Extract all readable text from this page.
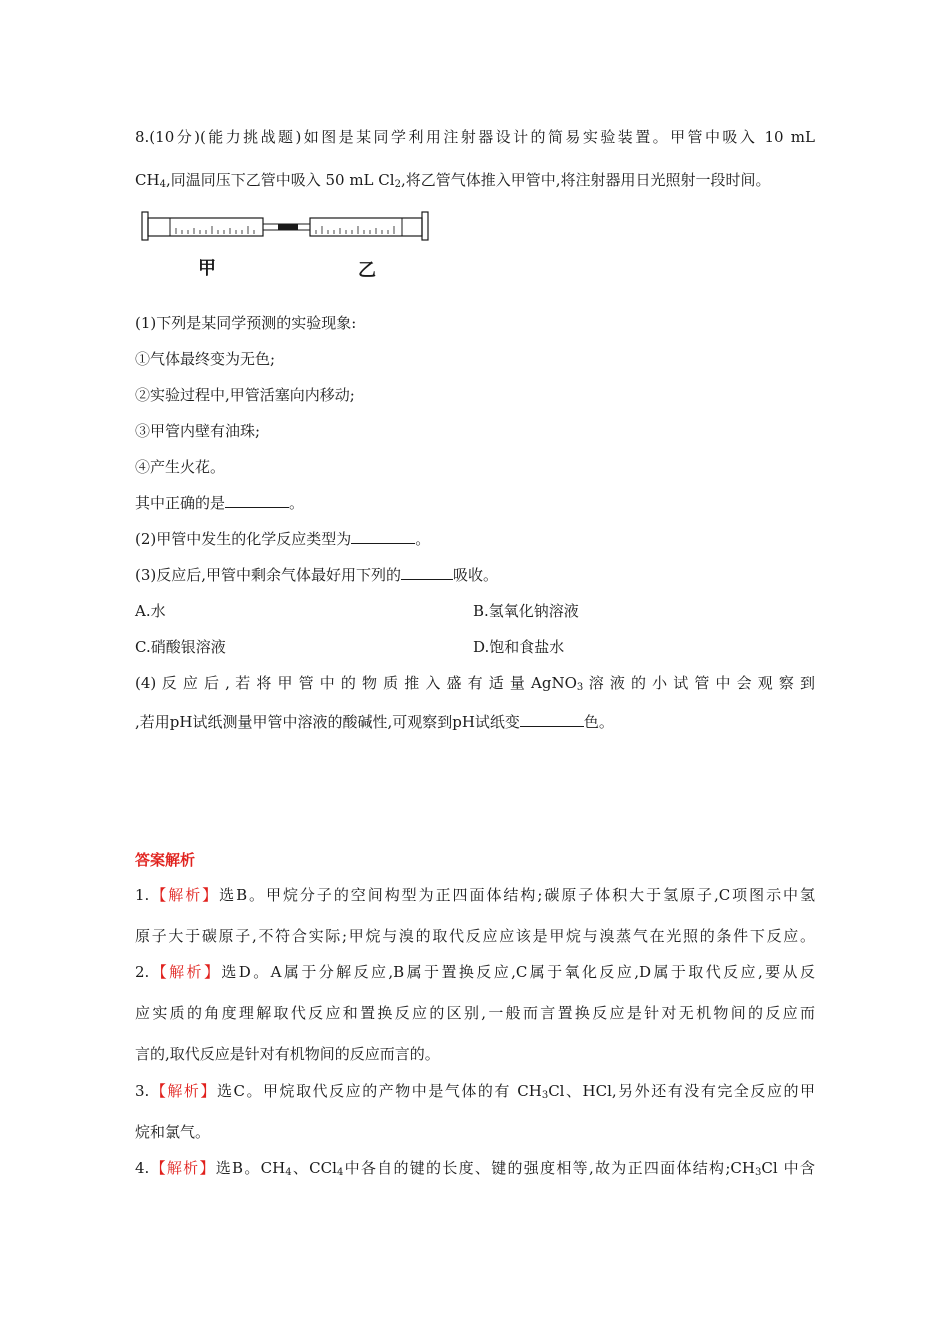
8.(10分)(能力挑战题)如图是某同学利用注射器设计的简易实验装置。甲管中吸入 10 mL
$CH_4$,同温同压下乙管中吸入 50 mL $Cl_2$,将乙管气体推入甲管中,将注射器用日光照射一段时间。
甲	乙
(1)下列是某同学预测的实验现象:
①气体最终变为无色;
②实验过程中,甲管活塞向内移动;
③甲管内壁有油珠;
④产生火花。
其中正确的是	。
(2)甲管中发生的化学反应类型为	。
(3)反应后,甲管中剩余气体最好用下列的	吸收。
A.水	B.氢氧化钠溶液
C.硝酸银溶液	D.饱和食盐水
(4) 反 应 后 , 若 将 甲 管 中 的 物 质 推 入 盛 有 适 量 AgNO$_3$ 溶 液 的 小 试 管 中 会 观 察 到
,若用pH试纸测量甲管中溶液的酸碱性,可观察到pH试纸变	色。
答案解析
1.【解析】选B。甲烷分子的空间构型为正四面体结构;碳原子体积大于氢原子,C项图示中氢
原子大于碳原子,不符合实际;甲烷与溴的取代反应应该是甲烷与溴蒸气在光照的条件下反应。
2.【解析】选D。A属于分解反应,B属于置换反应,C属于氧化反应,D属于取代反应,要从反
应实质的角度理解取代反应和置换反应的区别,一般而言置换反应是针对无机物间的反应而
言的,取代反应是针对有机物间的反应而言的。
3.【解析】选C。甲烷取代反应的产物中是气体的有 $CH_3Cl$、HCl,另外还有没有完全反应的甲
烷和氯气。
4.【解析】选B。$CH_4$、CCl$_4$中各自的键的长度、键的强度相等,故为正四面体结构$;CH_3Cl$ 中含
